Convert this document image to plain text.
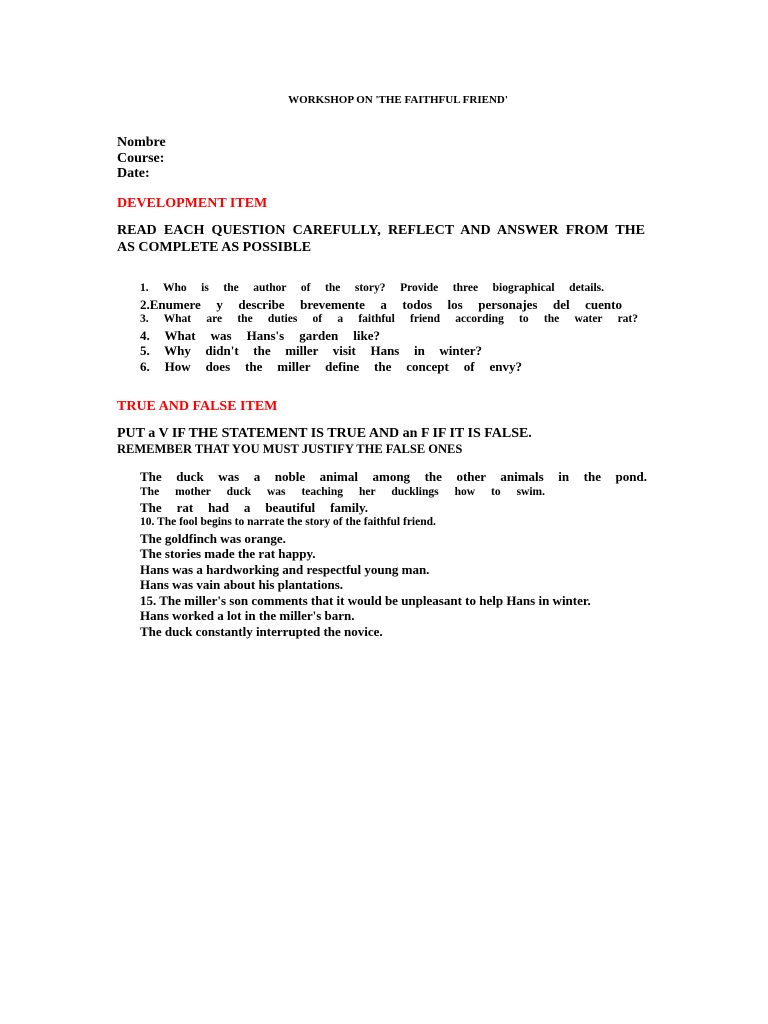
WORKSHOP ON 'THE FAITHFUL FRIEND'
Nombre
Course:
Date:
DEVELOPMENT ITEM
READ EACH QUESTION CAREFULLY, REFLECT AND ANSWER FROM THE
AS COMPLETE AS POSSIBLE
1. Who is the author of the story? Provide three biographical details.
2.Enumere y describe brevemente a todos los personajes del cuento
3. What are the duties of a faithful friend according to the water rat?
4. What was Hans's garden like?
5. Why didn't the miller visit Hans in winter?
6. How does the miller define the concept of envy?
TRUE AND FALSE ITEM
PUT a V IF THE STATEMENT IS TRUE AND an F IF IT IS FALSE.
REMEMBER THAT YOU MUST JUSTIFY THE FALSE ONES
The duck was a noble animal among the other animals in the pond.
The mother duck was teaching her ducklings how to swim.
The rat had a beautiful family.
10. The fool begins to narrate the story of the faithful friend.
The goldfinch was orange.
The stories made the rat happy.
Hans was a hardworking and respectful young man.
Hans was vain about his plantations.
15. The miller's son comments that it would be unpleasant to help Hans in winter.
Hans worked a lot in the miller's barn.
The duck constantly interrupted the novice.
